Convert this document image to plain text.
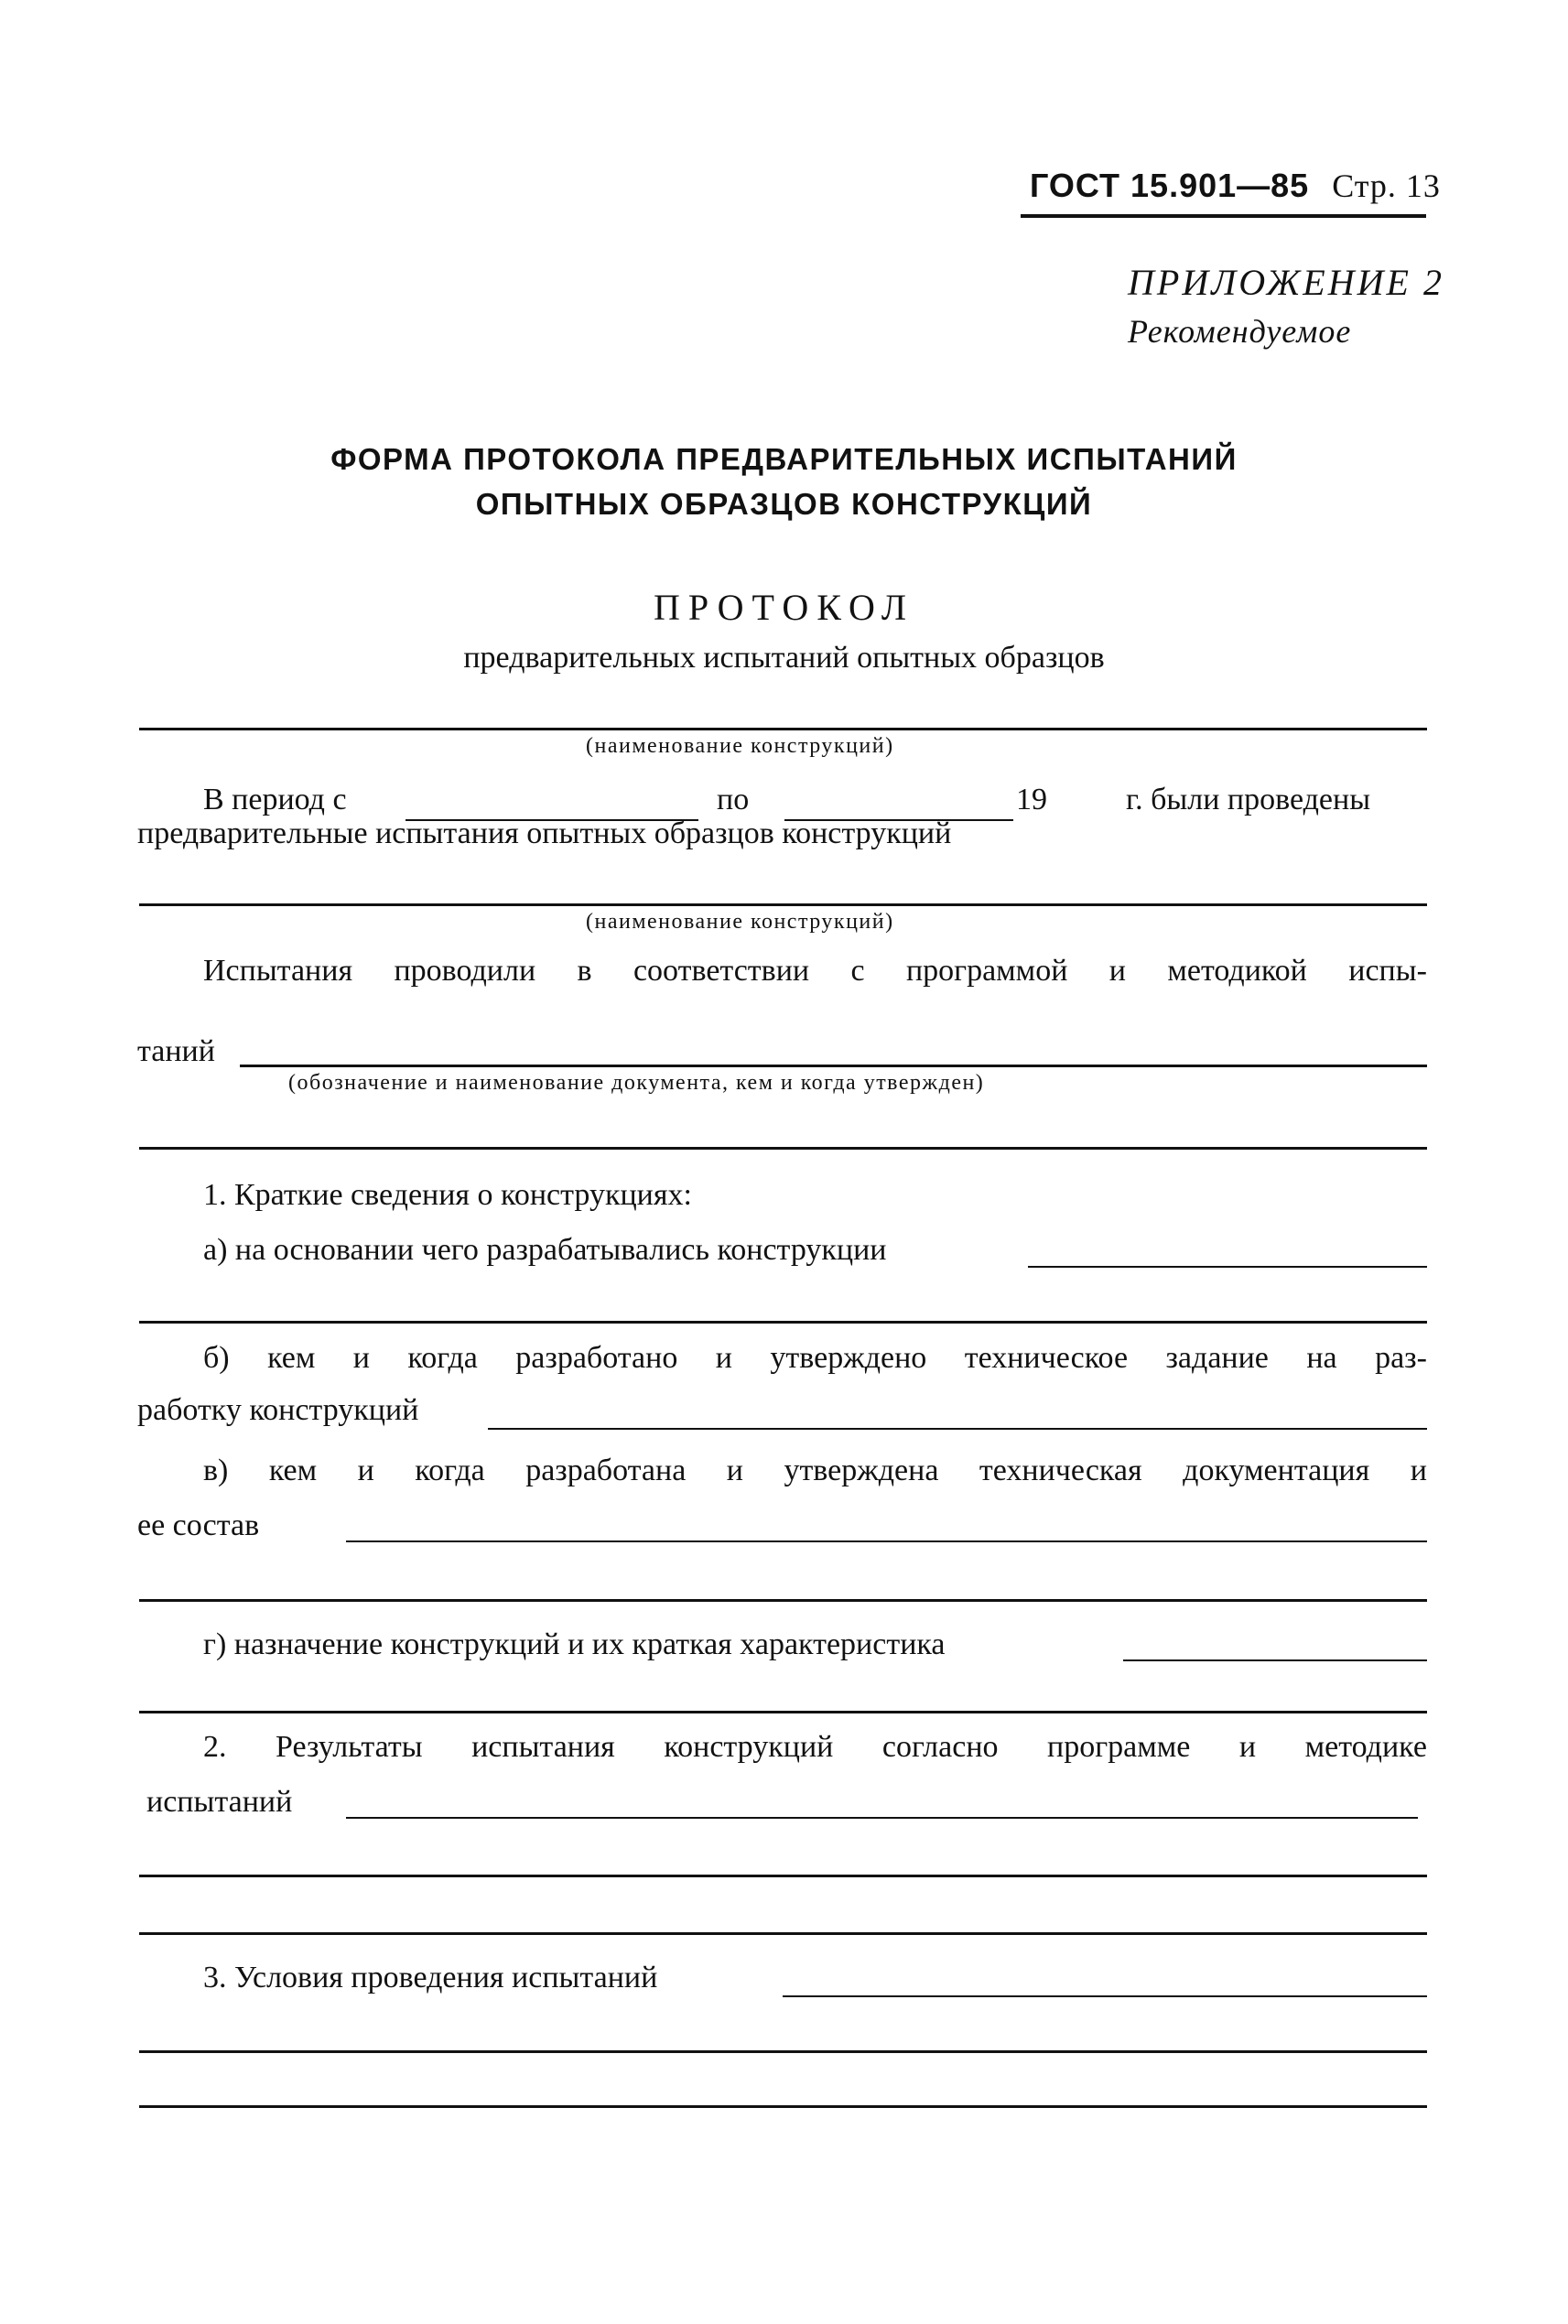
ГОСТ 15.901—85 Стр. 13
ПРИЛОЖЕНИЕ 2
Рекомендуемое
ФОРМА ПРОТОКОЛА ПРЕДВАРИТЕЛЬНЫХ ИСПЫТАНИЙ
ОПЫТНЫХ ОБРАЗЦОВ КОНСТРУКЦИЙ
ПРОТОКОЛ
предварительных испытаний опытных образцов
(наименование конструкций)
В период с	по	19	г. были проведены
предварительные испытания опытных образцов конструкций
(наименование конструкций)
Испытания проводили в соответствии с программой и методикой испы-
таний
(обозначение и наименование документа, кем и когда утвержден)
1. Краткие сведения о конструкциях:
а) на основании чего разрабатывались конструкции
б) кем и когда разработано и утверждено техническое задание на раз-
работку конструкций
в) кем и когда разработана и утверждена техническая документация и
ее состав
г) назначение конструкций и их краткая характеристика
2. Результаты испытания конструкций согласно программе и методике
испытаний
3. Условия проведения испытаний
